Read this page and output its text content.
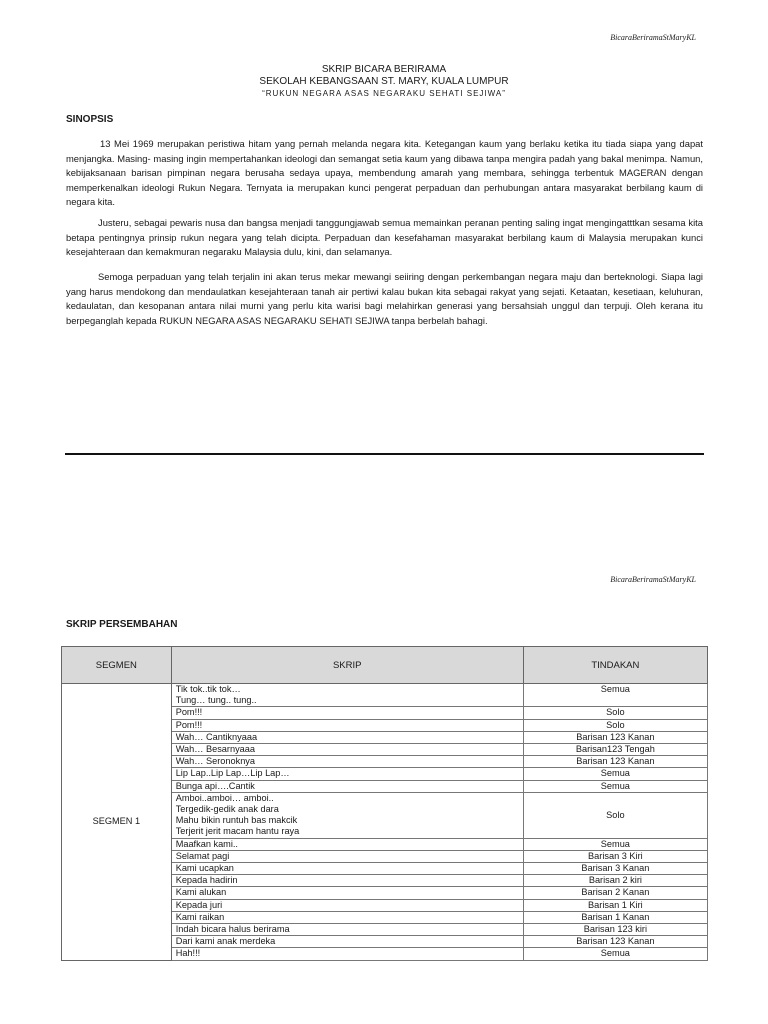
BicaraBeriramaStMaryKL
SKRIP BICARA BERIRAMA
SEKOLAH KEBANGSAAN ST. MARY, KUALA LUMPUR
“RUKUN NEGARA ASAS NEGARAKU SEHATI SEJIWA”
SINOPSIS

13 Mei 1969 merupakan peristiwa hitam yang pernah melanda negara kita. Ketegangan kaum yang berlaku ketika itu tiada siapa yang dapat menjangka. Masing- masing ingin mempertahankan ideologi dan semangat setia kaum yang dibawa tanpa mengira padah yang bakal menimpa. Namun, kebijaksanaan barisan pimpinan negara berusaha sedaya upaya, membendung amarah yang membara, sehingga terbentuk MAGERAN dengan memperkenalkan ideologi Rukun Negara. Ternyata ia merupakan kunci pengerat perpaduan dan perhubungan antara masyarakat berbilang kaum di negara kita.

Justeru, sebagai pewaris nusa dan bangsa menjadi tanggungjawab semua memainkan peranan penting saling ingat mengingatttkan sesama kita betapa pentingnya prinsip rukun negara yang telah dicipta. Perpaduan dan kesefahaman masyarakat berbilang kaum di Malaysia merupakan kunci kesejahteraan dan kemakmuran negaraku Malaysia dulu, kini, dan selamanya.

Semoga perpaduan yang telah terjalin ini akan terus mekar mewangi seiiring dengan perkembangan negara maju dan berteknologi. Siapa lagi yang harus mendokong dan mendaulatkan kesejahteraan tanah air pertiwi kalau bukan kita sebagai rakyat yang sejati. Ketaatan, kesetiaan, keluhuran, kedaulatan, dan kesopanan antara nilai murni yang perlu kita warisi bagi melahirkan generasi yang bersahsiah unggul dan terpuji. Oleh kerana itu berpeganglah kepada RUKUN NEGARA ASAS NEGARAKU SEHATI SEJIWA tanpa berbelah bahagi.

BicaraBeriramaStMaryKL
SKRIP PERSEMBAHAN
SEGMEN	SKRIP	TINDAKAN
SEGMEN 1	Tik tok..tik tok…
Tung… tung.. tung..	Semua

	Pom!!!	Solo

	Pom!!!	Solo

	Wah… Cantiknyaaa	Barisan 123 Kanan

	Wah… Besarnyaaa	Barisan123 Tengah

	Wah… Seronoknya	Barisan 123 Kanan

	Lip Lap..Lip Lap…Lip Lap…	Semua

	Bunga api….Cantik	Semua

	Amboi..amboi… amboi..
Tergedik-gedik anak dara
Mahu bikin runtuh bas makcik
Terjerit jerit macam hantu raya	Solo

	Maafkan kami..	Semua

	Selamat pagi	Barisan 3 Kiri

	Kami ucapkan	Barisan 3 Kanan

	Kepada hadirin	Barisan 2 kiri

	Kami alukan	Barisan 2 Kanan

	Kepada juri	Barisan 1 Kiri

	Kami raikan	Barisan 1 Kanan

	Indah bicara halus berirama	Barisan 123 kiri

	Dari kami anak merdeka	Barisan 123 Kanan

	Hah!!!	Semua
